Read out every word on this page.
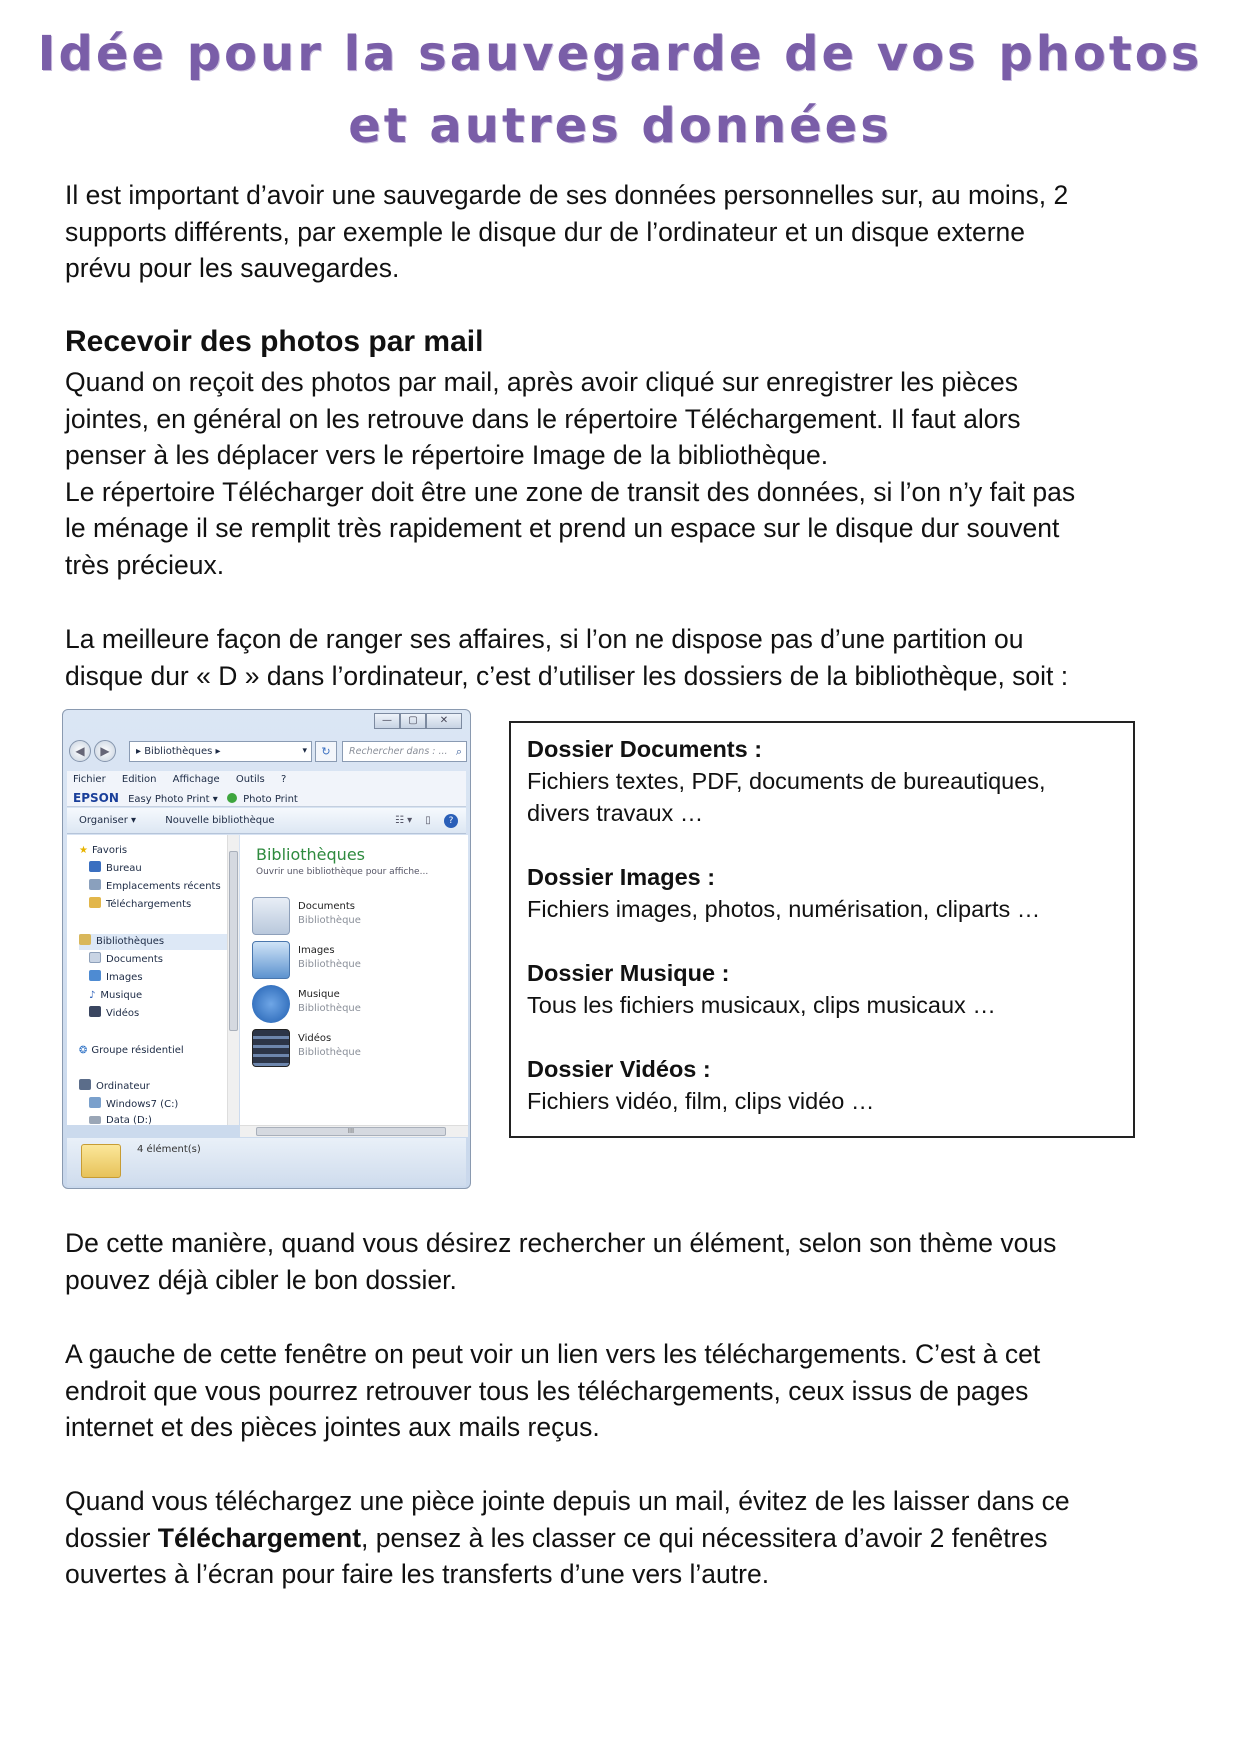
Idée pour la sauvegarde de vos photos
et autres données
Il est important d’avoir une sauvegarde de ses données personnelles sur, au moins, 2
supports différents, par exemple le disque dur de l’ordinateur et un disque externe
prévu pour les sauvegardes.
Recevoir des photos par mail
Quand on reçoit des photos par mail, après avoir cliqué sur enregistrer les pièces
jointes, en général on les retrouve dans le répertoire Téléchargement. Il faut alors
penser à les déplacer vers le répertoire Image de la bibliothèque.
Le répertoire Télécharger doit être une zone de transit des données, si l’on n’y fait pas
le ménage il se remplit très rapidement et prend un espace sur le disque dur souvent
très précieux.
La meilleure façon de ranger ses affaires, si l’on ne dispose pas d’une partition ou
disque dur « D » dans l’ordinateur, c’est d’utiliser les dossiers de la bibliothèque, soit :
—	▢	✕
◀	▶	▸ Bibliothèques ▸	▾	↻	Rechercher dans : ... ⌕
Fichier Edition Affichage Outils ?
EPSON Easy Photo Print ▾	Photo Print
Organiser ▾	Nouvelle bibliothèque	☷ ▾ ▯ ?
★ Favoris
Bureau
Emplacements récents
Téléchargements
Bibliothèques
Documents
Images
♪ Musique
Vidéos
❂ Groupe résidentiel
Ordinateur
Windows7 (C:)
Data (D:)
Bibliothèques
Ouvrir une bibliothèque pour affiche...
Documents
Bibliothèque
Images
Bibliothèque
Musique
Bibliothèque
Vidéos
Bibliothèque
III
4 élément(s)
Dossier Documents :
Fichiers textes, PDF, documents de bureautiques,
divers travaux …
Dossier Images :
Fichiers images, photos, numérisation, cliparts …
Dossier Musique :
Tous les fichiers musicaux, clips musicaux …
Dossier Vidéos :
Fichiers vidéo, film, clips vidéo …
De cette manière, quand vous désirez rechercher un élément, selon son thème vous
pouvez déjà cibler le bon dossier.
A gauche de cette fenêtre on peut voir un lien vers les téléchargements. C’est à cet
endroit que vous pourrez retrouver tous les téléchargements, ceux issus de pages
internet et des pièces jointes aux mails reçus.
Quand vous téléchargez une pièce jointe depuis un mail, évitez de les laisser dans ce
dossier Téléchargement, pensez à les classer ce qui nécessitera d’avoir 2 fenêtres
ouvertes à l’écran pour faire les transferts d’une vers l’autre.
